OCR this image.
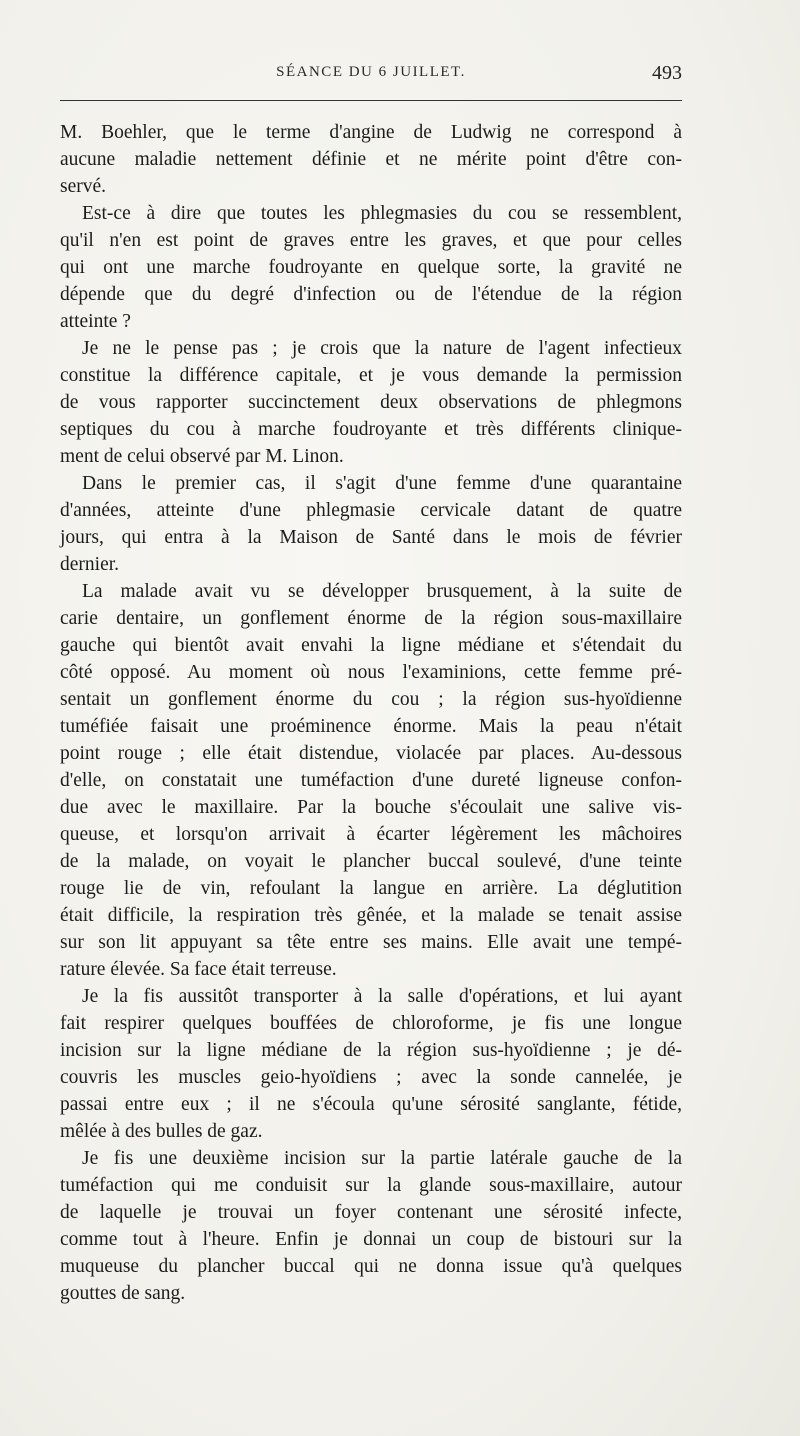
SÉANCE DU 6 JUILLET.	493
M. Boehler, que le terme d'angine de Ludwig ne correspond à
aucune maladie nettement définie et ne mérite point d'être con-
servé.
Est-ce à dire que toutes les phlegmasies du cou se ressemblent,
qu'il n'en est point de graves entre les graves, et que pour celles
qui ont une marche foudroyante en quelque sorte, la gravité ne
dépende que du degré d'infection ou de l'étendue de la région
atteinte ?
Je ne le pense pas ; je crois que la nature de l'agent infectieux
constitue la différence capitale, et je vous demande la permission
de vous rapporter succinctement deux observations de phlegmons
septiques du cou à marche foudroyante et très différents clinique-
ment de celui observé par M. Linon.
Dans le premier cas, il s'agit d'une femme d'une quarantaine
d'années, atteinte d'une phlegmasie cervicale datant de quatre
jours, qui entra à la Maison de Santé dans le mois de février
dernier.
La malade avait vu se développer brusquement, à la suite de
carie dentaire, un gonflement énorme de la région sous-maxillaire
gauche qui bientôt avait envahi la ligne médiane et s'étendait du
côté opposé. Au moment où nous l'examinions, cette femme pré-
sentait un gonflement énorme du cou ; la région sus-hyoïdienne
tuméfiée faisait une proéminence énorme. Mais la peau n'était
point rouge ; elle était distendue, violacée par places. Au-dessous
d'elle, on constatait une tuméfaction d'une dureté ligneuse confon-
due avec le maxillaire. Par la bouche s'écoulait une salive vis-
queuse, et lorsqu'on arrivait à écarter légèrement les mâchoires
de la malade, on voyait le plancher buccal soulevé, d'une teinte
rouge lie de vin, refoulant la langue en arrière. La déglutition
était difficile, la respiration très gênée, et la malade se tenait assise
sur son lit appuyant sa tête entre ses mains. Elle avait une tempé-
rature élevée. Sa face était terreuse.
Je la fis aussitôt transporter à la salle d'opérations, et lui ayant
fait respirer quelques bouffées de chloroforme, je fis une longue
incision sur la ligne médiane de la région sus-hyoïdienne ; je dé-
couvris les muscles geio-hyoïdiens ; avec la sonde cannelée, je
passai entre eux ; il ne s'écoula qu'une sérosité sanglante, fétide,
mêlée à des bulles de gaz.
Je fis une deuxième incision sur la partie latérale gauche de la
tuméfaction qui me conduisit sur la glande sous-maxillaire, autour
de laquelle je trouvai un foyer contenant une sérosité infecte,
comme tout à l'heure. Enfin je donnai un coup de bistouri sur la
muqueuse du plancher buccal qui ne donna issue qu'à quelques
gouttes de sang.
